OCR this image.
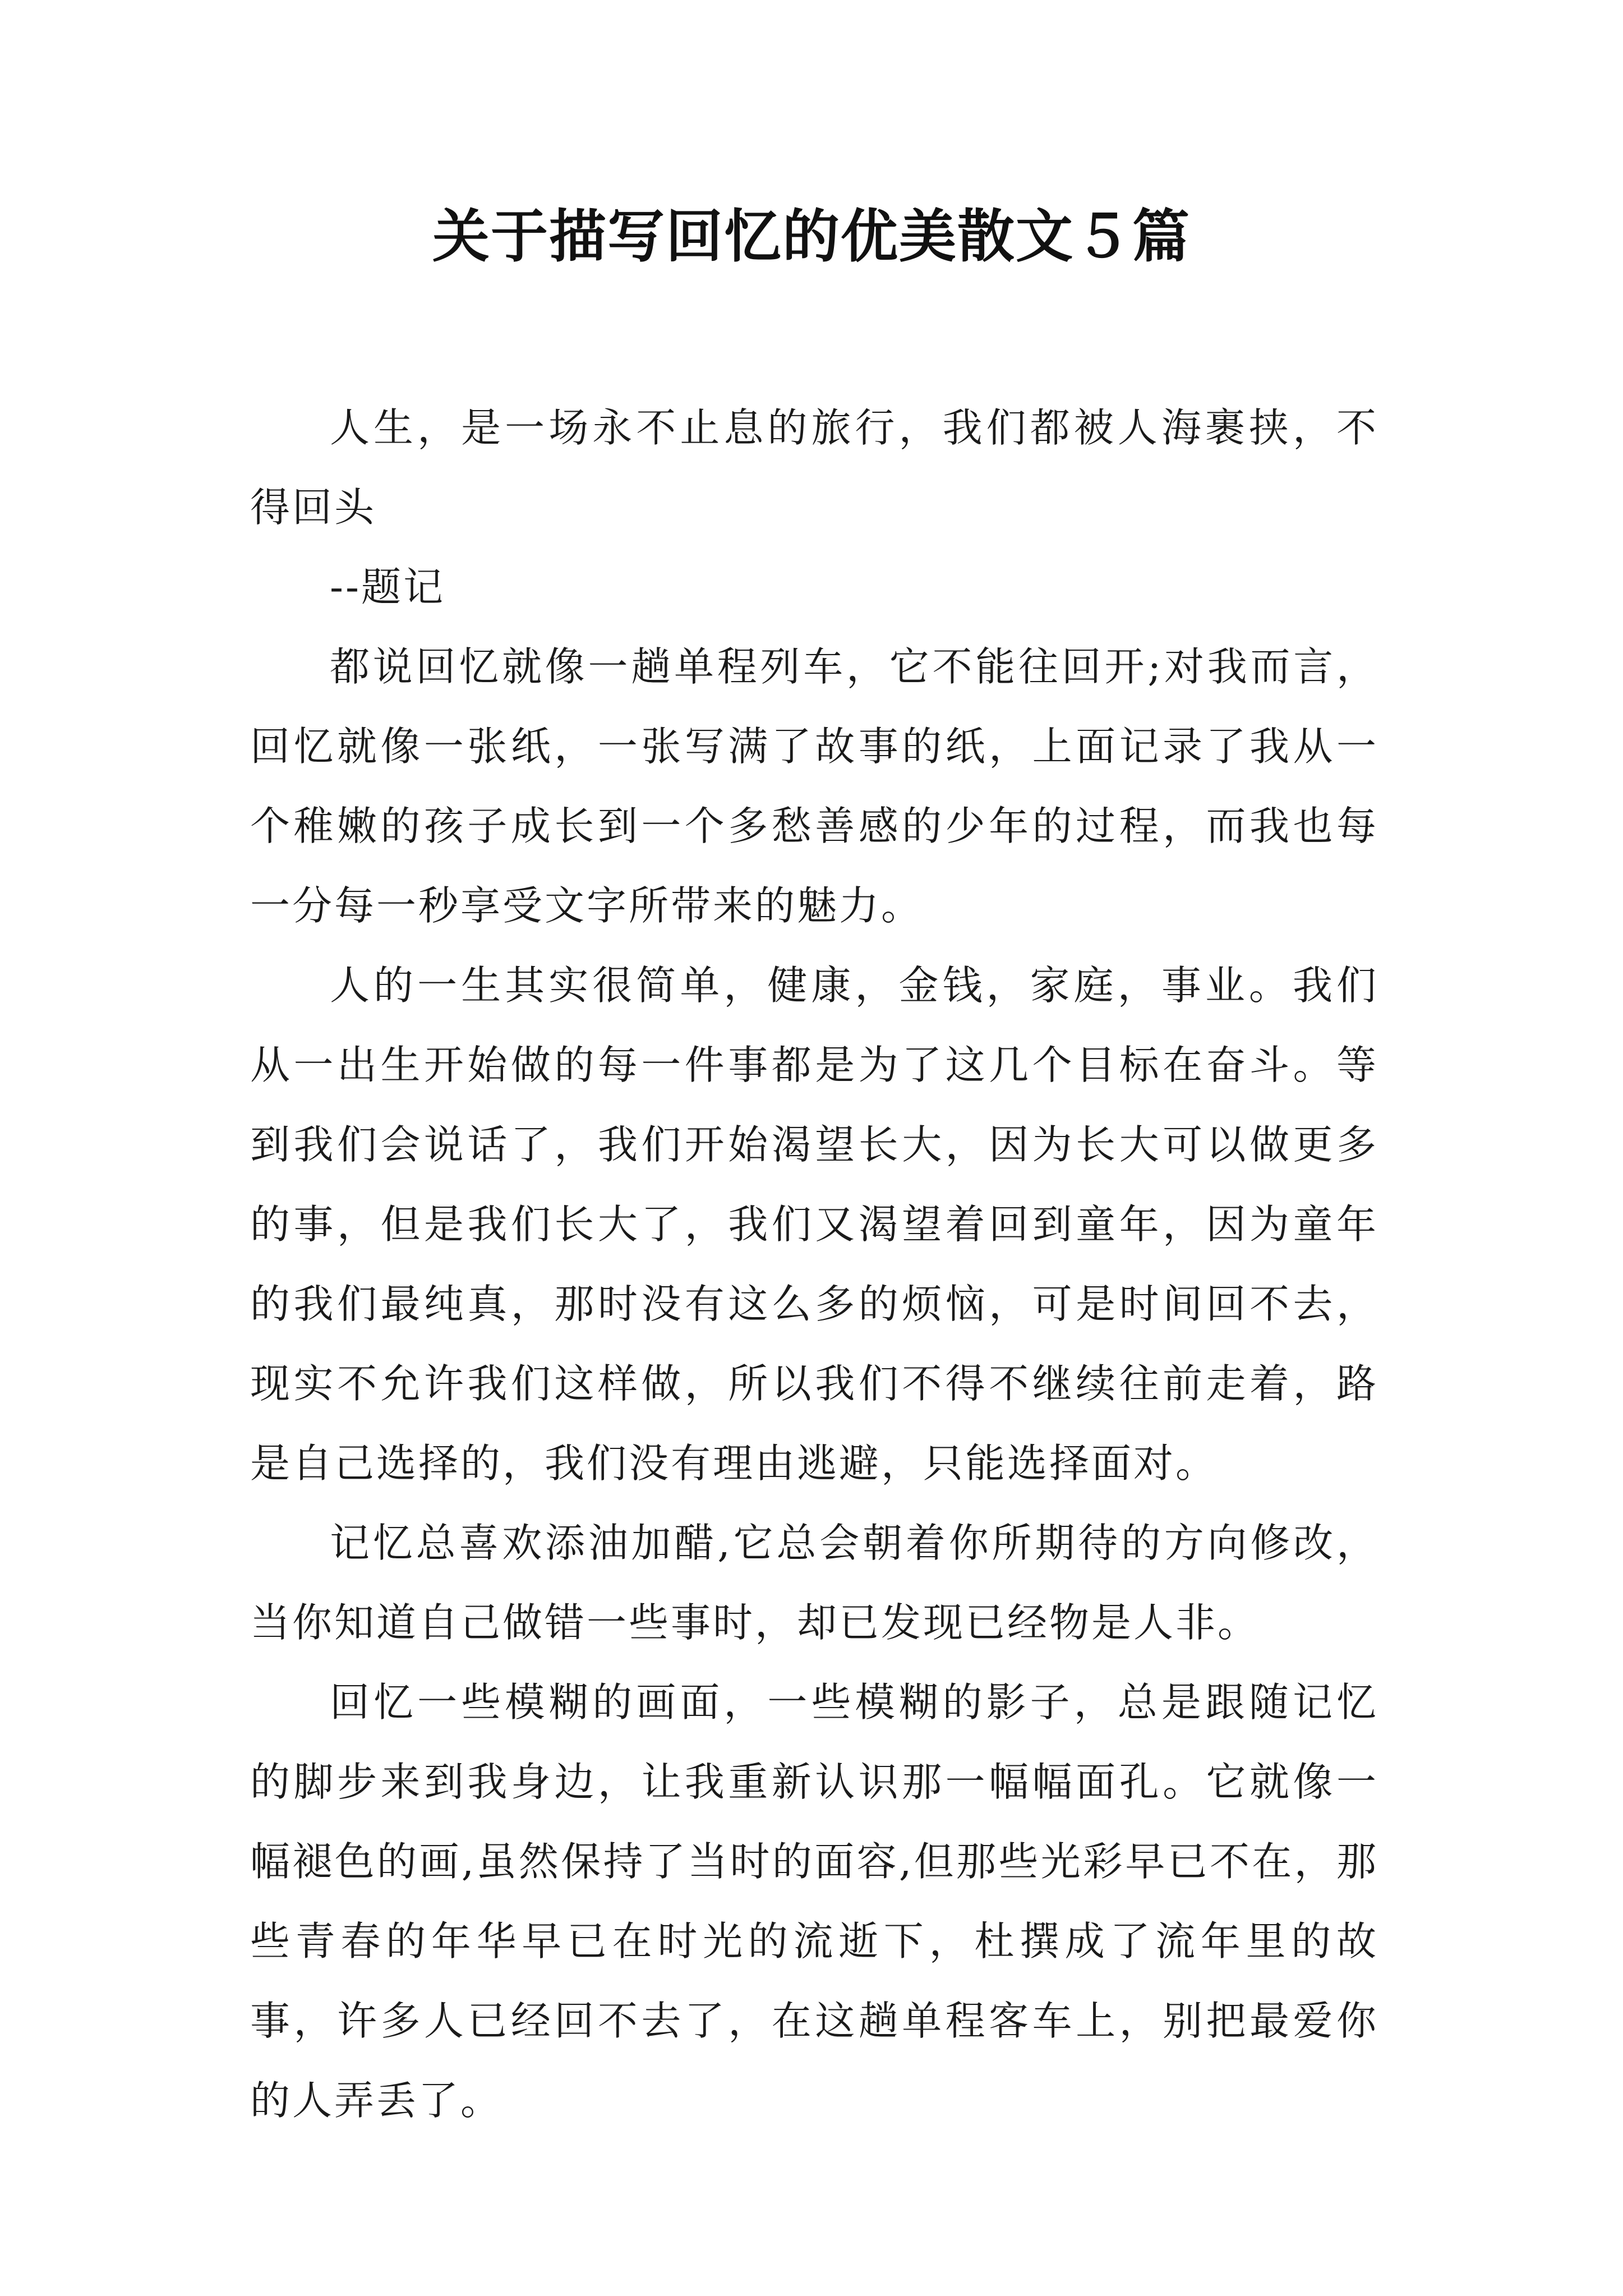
关于描写回忆的优美散文５篇

人生，是一场永不止息的旅行，我们都被人海裹挟，不得回头

--题记

都说回忆就像一趟单程列车，它不能往回开;对我而言，回忆就像一张纸，一张写满了故事的纸，上面记录了我从一个稚嫩的孩子成长到一个多愁善感的少年的过程，而我也每一分每一秒享受文字所带来的魅力。

人的一生其实很简单，健康，金钱，家庭，事业。我们从一出生开始做的每一件事都是为了这几个目标在奋斗。等到我们会说话了，我们开始渴望长大，因为长大可以做更多的事，但是我们长大了，我们又渴望着回到童年，因为童年的我们最纯真，那时没有这么多的烦恼，可是时间回不去，现实不允许我们这样做，所以我们不得不继续往前走着，路是自己选择的，我们没有理由逃避，只能选择面对。

记忆总喜欢添油加醋,它总会朝着你所期待的方向修改，当你知道自己做错一些事时，却已发现已经物是人非。

回忆一些模糊的画面，一些模糊的影子，总是跟随记忆的脚步来到我身边，让我重新认识那一幅幅面孔。它就像一幅褪色的画,虽然保持了当时的面容,但那些光彩早已不在，那些青春的年华早已在时光的流逝下，杜撰成了流年里的故事，许多人已经回不去了，在这趟单程客车上，别把最爱你的人弄丢了。
